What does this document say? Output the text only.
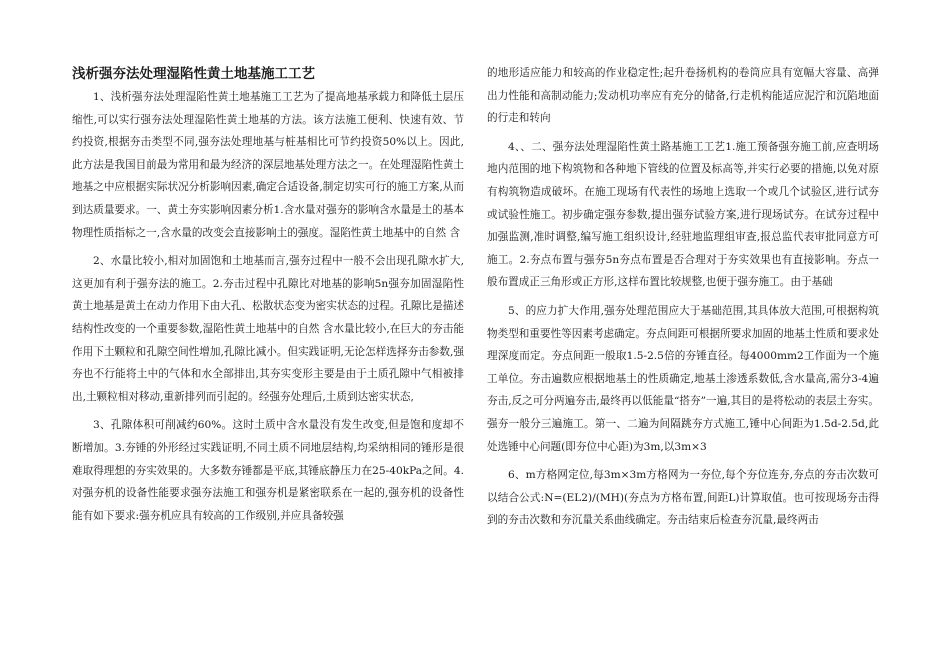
浅析强夯法处理湿陷性黄土地基施工工艺

1、浅析强夯法处理湿陷性黄土地基施工工艺为了提高地基承载力和降低土层压缩性,可以实行强夯法处理湿陷性黄土地基的方法。该方法施工便利、快速有效、节约投资,根据夯击类型不同,强夯法处理地基与桩基相比可节约投资50%以上。因此,此方法是我国目前最为常用和最为经济的深层地基处理方法之一。在处理湿陷性黄土地基之中应根据实际状况分析影响因素,确定合适设备,制定切实可行的施工方案,从而到达质量要求。一、黄土夯实影响因素分析1.含水量对强夯的影响含水量是土的基本物理性质指标之一,含水量的改变会直接影响土的强度。湿陷性黄土地基中的自然 含

2、水量比较小,相对加固饱和土地基而言,强夯过程中一般不会出现孔隙水扩大,这更加有利于强夯法的施工。2.夯击过程中孔隙比对地基的影响5n强夯加固湿陷性黄土地基是黄土在动力作用下由大孔、松散状态变为密实状态的过程。孔隙比是描述结构性改变的一个重要参数,湿陷性黄土地基中的自然 含水量比较小,在巨大的夯击能作用下土颗粒和孔隙空间性增加,孔隙比减小。但实践证明,无论怎样选择夯击参数,强夯也不行能将土中的气体和水全部排出,其夯实变形主要是由于土质孔隙中气相被排出,土颗粒相对移动,重新排列而引起的。经强夯处理后,土质到达密实状态,

3、孔隙体积可削减约60%。这时土质中含水量没有发生改变,但是饱和度却不断增加。3.夯锤的外形经过实践证明,不同土质不同地层结构,均采纳相同的锤形是很难取得理想的夯实效果的。大多数夯锤都是平底,其锤底静压力在25-40kPa之间。4.对强夯机的设备性能要求强夯法施工和强夯机是紧密联系在一起的,强夯机的设备性能有如下要求:强夯机应具有较高的工作级别,并应具备较强

的地形适应能力和较高的作业稳定性;起升卷扬机构的卷筒应具有宽幅大容量、高弹出力性能和高制动能力;发动机功率应有充分的储备,行走机构能适应泥泞和沉陷地面的行走和转向

4、、二、强夯法处理湿陷性黄土路基施工工艺1.施工预备强夯施工前,应查明场地内范围的地下构筑物和各种地下管线的位置及标高等,并实行必要的措施,以免对原有构筑物造成破坏。在施工现场有代表性的场地上选取一个或几个试验区,进行试夯或试验性施工。初步确定强夯参数,提出强夯试验方案,进行现场试夯。在试夯过程中加强监测,准时调整,编写施工组织设计,经驻地监理组审查,报总监代表审批同意方可施工。2.夯点布置与强夯5n夯点布置是否合理对于夯实效果也有直接影响。夯点一般布置成正三角形或正方形,这样布置比较规整,也便于强夯施工。由于基础

5、的应力扩大作用,强夯处理范围应大于基础范围,其具体放大范围,可根据构筑物类型和重要性等因素考虑确定。夯点间距可根据所要求加固的地基土性质和要求处理深度而定。夯点间距一般取1.5-2.5倍的夯锤直径。每4000mm2工作面为一个施工单位。夯击遍数应根据地基土的性质确定,地基土渗透系数低,含水量高,需分3-4遍夯击,反之可分两遍夯击,最终再以低能量“搭夯”一遍,其目的是将松动的表层土夯实。强夯一般分三遍施工。第一、二遍为间隔跳夯方式施工,锤中心间距为1.5d-2.5d,此处选锤中心问题(即夯位中心距)为3m,以3m×3

6、m方格网定位,每3m×3m方格网为一夯位,每个夯位连夯,夯点的夯击次数可以结合公式:N=(EL2)/(MH)(夯点为方格布置,间距L)计算取值。也可按现场夯击得到的夯击次数和夯沉量关系曲线确定。夯击结束后检查夯沉量,最终两击
